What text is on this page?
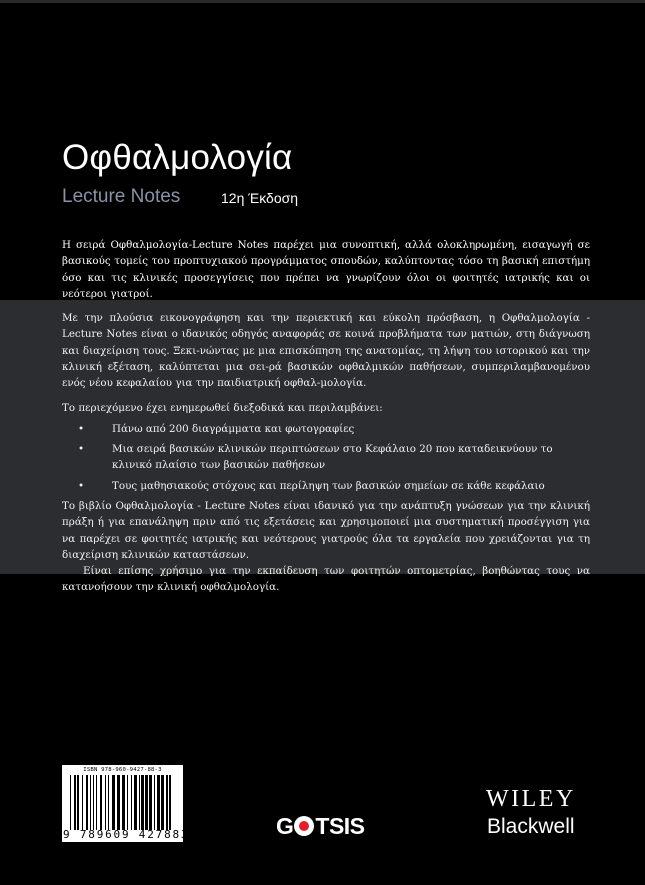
Οφθαλμολογία
Lecture Notes	12η Έκδοση
Η σειρά Οφθαλμολογία-Lecture Notes παρέχει μια συνοπτική, αλλά ολοκληρωμένη, εισαγωγή σε βασικούς τομείς του προπτυχιακού προγράμματος σπουδών, καλύπτοντας τόσο τη βασική επιστήμη όσο και τις κλινικές προσεγγίσεις που πρέπει να γνωρίζουν όλοι οι φοιτητές ιατρικής και οι νεότεροι γιατροί.

Με την πλούσια εικονογράφηση και την περιεκτική και εύκολη πρόσβαση, η Οφθαλμολογία - Lecture Notes είναι ο ιδανικός οδηγός αναφοράς σε κοινά προβλήματα των ματιών, στη διάγνωση και διαχείριση τους. Ξεκι-νώντας με μια επισκόπηση της ανατομίας, τη λήψη του ιστορικού και την κλινική εξέταση, καλύπτεται μια σει-ρά βασικών οφθαλμικών παθήσεων, συμπεριλαμβανομένου ενός νέου κεφαλαίου για την παιδιατρική οφθαλ-μολογία.

Το περιεχόμενο έχει ενημερωθεί διεξοδικά και περιλαμβάνει:

•	Πάνω από 200 διαγράμματα και φωτογραφίες
•	Μια σειρά βασικών κλινικών περιπτώσεων στο Κεφάλαιο 20 που καταδεικνύουν το κλινικό πλαίσιο των βασικών παθήσεων
•	Τους μαθησιακούς στόχους και περίληψη των βασικών σημείων σε κάθε κεφάλαιο

Το βιβλίο Οφθαλμολογία - Lecture Notes είναι ιδανικό για την ανάπτυξη γνώσεων για την κλινική πράξη ή για επανάληψη πριν από τις εξετάσεις και χρησιμοποιεί μια συστηματική προσέγγιση για να παρέχει σε φοιτητές ιατρικής και νεότερους γιατρούς όλα τα εργαλεία που χρειάζονται για τη διαχείριση κλινικών καταστάσεων.

Είναι επίσης χρήσιμο για την εκπαίδευση των φοιτητών οπτομετρίας, βοηθώντας τους να κατανοήσουν την κλινική οφθαλμολογία.

ISBN 978-960-9427-88-3
9 789609 427883	G TSIS
WILEY
Blackwell
